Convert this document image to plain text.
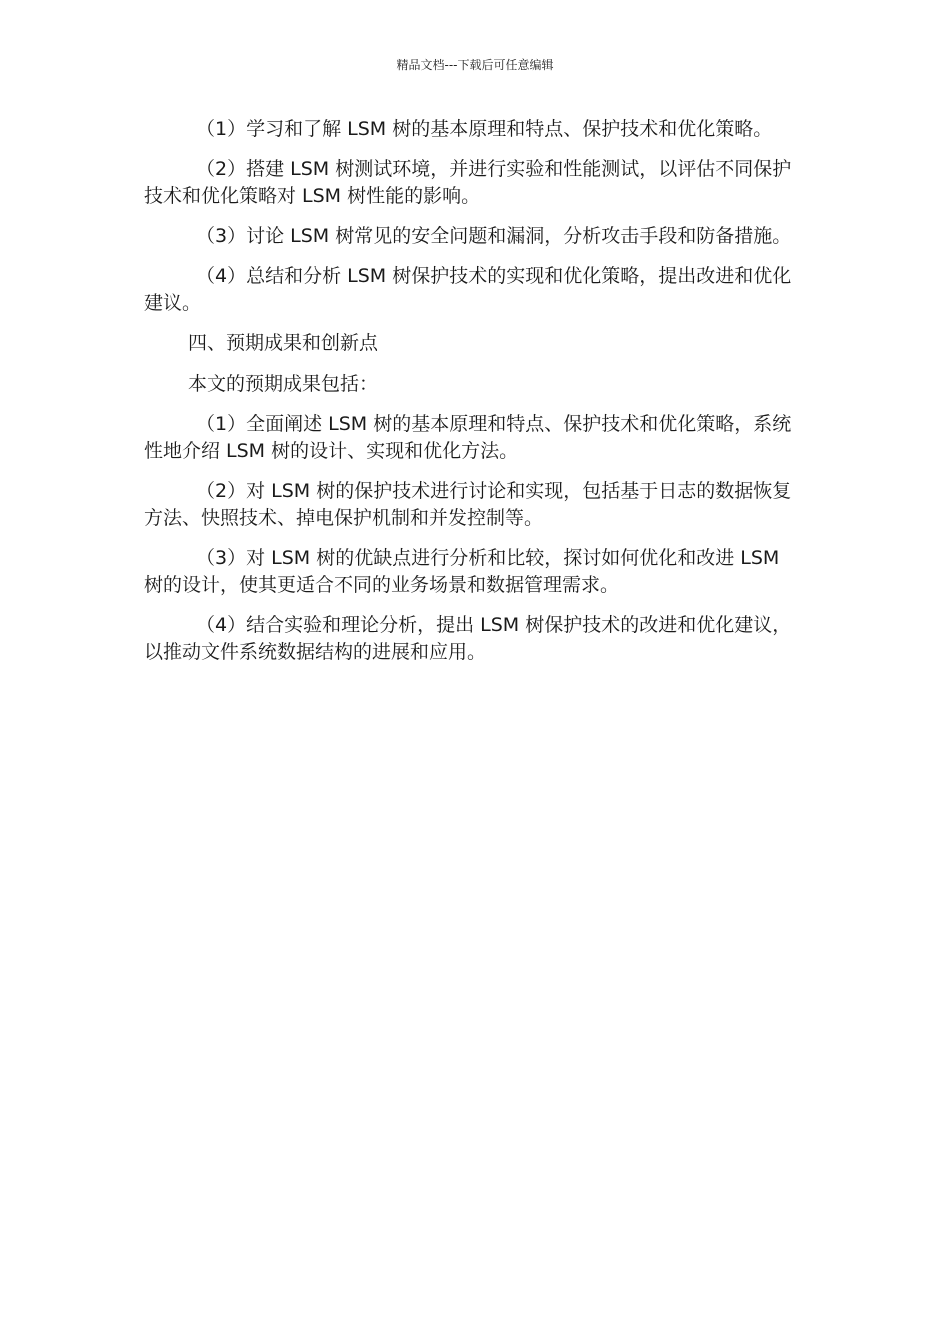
精品文档---下载后可任意编辑

（1）学习和了解 LSM 树的基本原理和特点、保护技术和优化策略。

（2）搭建 LSM 树测试环境，并进行实验和性能测试，以评估不同保护技术和优化策略对 LSM 树性能的影响。

（3）讨论 LSM 树常见的安全问题和漏洞，分析攻击手段和防备措施。

（4）总结和分析 LSM 树保护技术的实现和优化策略，提出改进和优化建议。

四、预期成果和创新点

本文的预期成果包括：

（1）全面阐述 LSM 树的基本原理和特点、保护技术和优化策略，系统性地介绍 LSM 树的设计、实现和优化方法。

（2）对 LSM 树的保护技术进行讨论和实现，包括基于日志的数据恢复方法、快照技术、掉电保护机制和并发控制等。

（3）对 LSM 树的优缺点进行分析和比较，探讨如何优化和改进 LSM 树的设计，使其更适合不同的业务场景和数据管理需求。

（4）结合实验和理论分析，提出 LSM 树保护技术的改进和优化建议，以推动文件系统数据结构的进展和应用。
